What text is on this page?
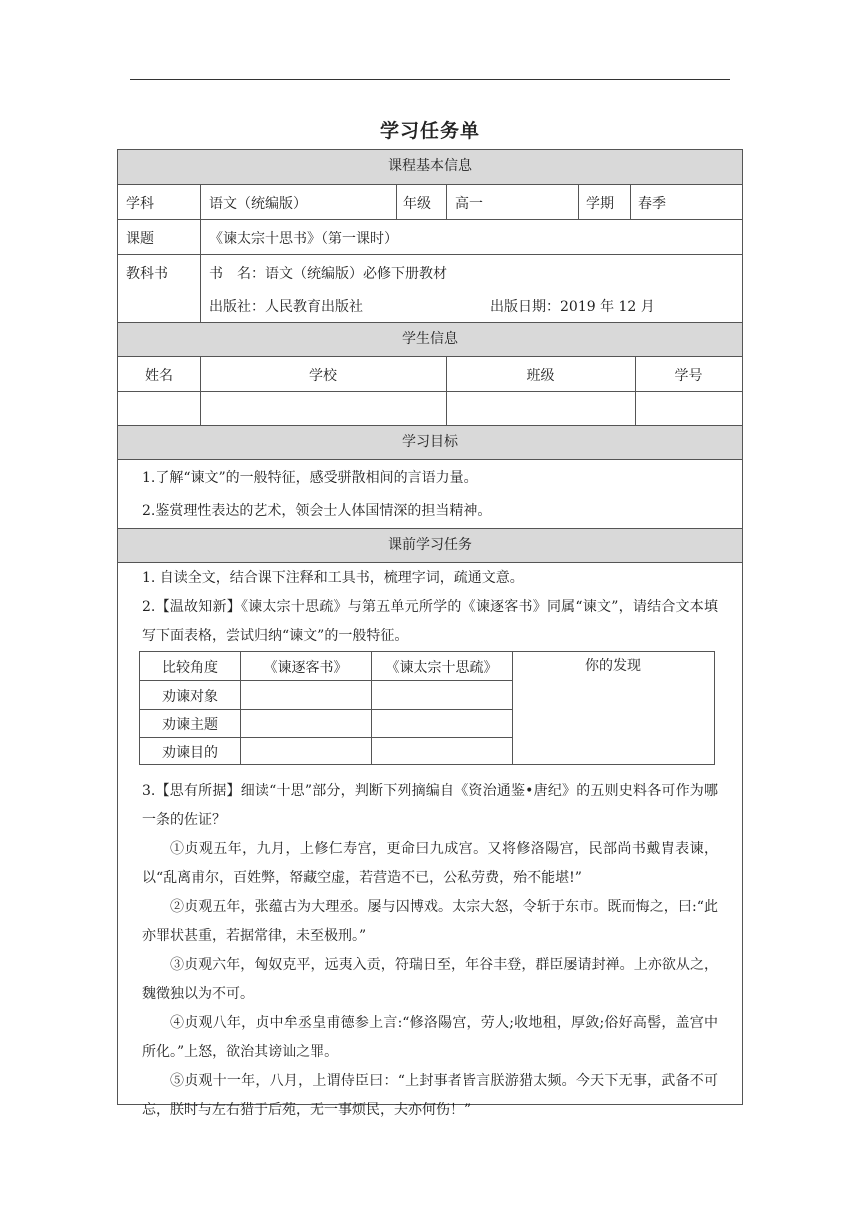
学习任务单
课程基本信息
学科	语文（统编版）	年级 高一	学期 春季
课题	《谏太宗十思书》（第一课时）
教科书	书　名：语文（统编版）必修下册教材
出版社：人民教育出版社	出版日期：2019 年 12 月
学生信息
姓名	学校	班级	学号
学习目标
1.了解“谏文”的一般特征，感受骈散相间的言语力量。
2.鉴赏理性表达的艺术，领会士人体国情深的担当精神。
课前学习任务
1. 自读全文，结合课下注释和工具书，梳理字词，疏通文意。
2.【温故知新】《谏太宗十思疏》与第五单元所学的《谏逐客书》同属“谏文”，请结合文本填写下面表格，尝试归纳“谏文”的一般特征。
比较角度	《谏逐客书》	《谏太宗十思疏》	你的发现
劝谏对象
劝谏主题
劝谏目的
3.【思有所据】细读“十思”部分，判断下列摘编自《资治通鉴•唐纪》的五则史料各可作为哪一条的佐证？
①贞观五年，九月，上修仁寿宫，更命曰九成宫。又将修洛陽宫，民部尚书戴胄表谏，以“乱离甫尔，百姓弊，帑藏空虚，若营造不已，公私劳费，殆不能堪!”
②贞观五年，张蕴古为大理丞。屡与囚博戏。太宗大怒，令斩于东市。既而悔之，曰:“此亦罪状甚重，若据常律，未至极刑。”
③贞观六年，匈奴克平，远夷入贡，符瑞日至，年谷丰登，群臣屡请封禅。上亦欲从之，魏徵独以为不可。
④贞观八年，贞中牟丞皇甫德参上言:“修洛陽宫，劳人;收地租，厚敛;俗好高髻，盖宫中所化。”上怒，欲治其谤讪之罪。
⑤贞观十一年，八月，上谓侍臣曰：“上封事者皆言朕游猎太频。今天下无事，武备不可忘，朕时与左右猎于后苑，无一事烦民，夫亦何伤！”
